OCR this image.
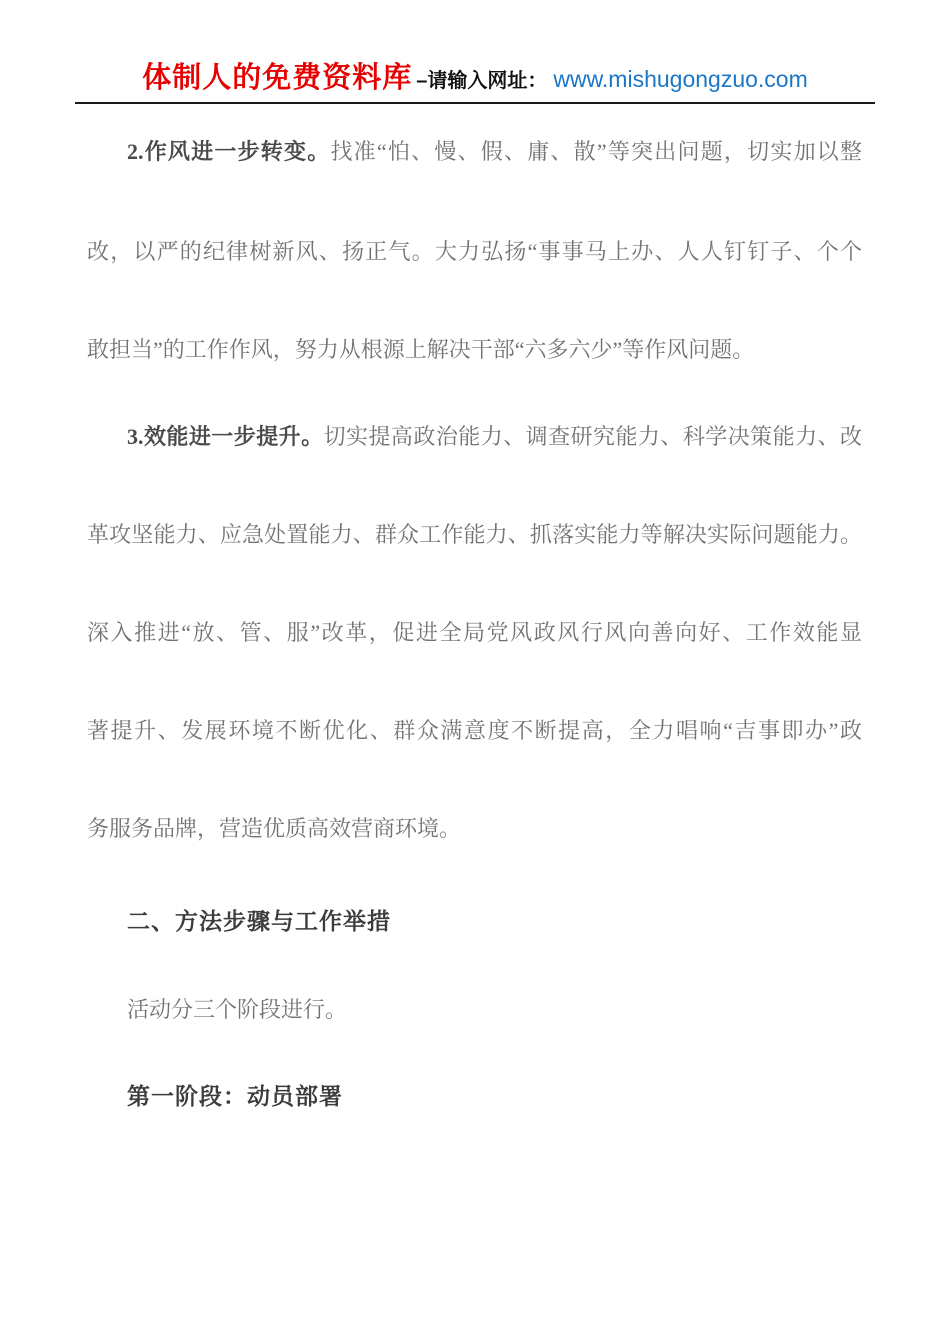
体制人的免费资料库 –请输入网址： www.mishugongzuo.com
2.作风进一步转变。找准“怕、慢、假、庸、散”等突出问题，切实加以整
改，以严的纪律树新风、扬正气。大力弘扬“事事马上办、人人钉钉子、个个
敢担当”的工作作风，努力从根源上解决干部“六多六少”等作风问题。
3.效能进一步提升。切实提高政治能力、调查研究能力、科学决策能力、改
革攻坚能力、应急处置能力、群众工作能力、抓落实能力等解决实际问题能力。
深入推进“放、管、服”改革，促进全局党风政风行风向善向好、工作效能显
著提升、发展环境不断优化、群众满意度不断提高，全力唱响“吉事即办”政
务服务品牌，营造优质高效营商环境。
二、方法步骤与工作举措
活动分三个阶段进行。
第一阶段：动员部署
